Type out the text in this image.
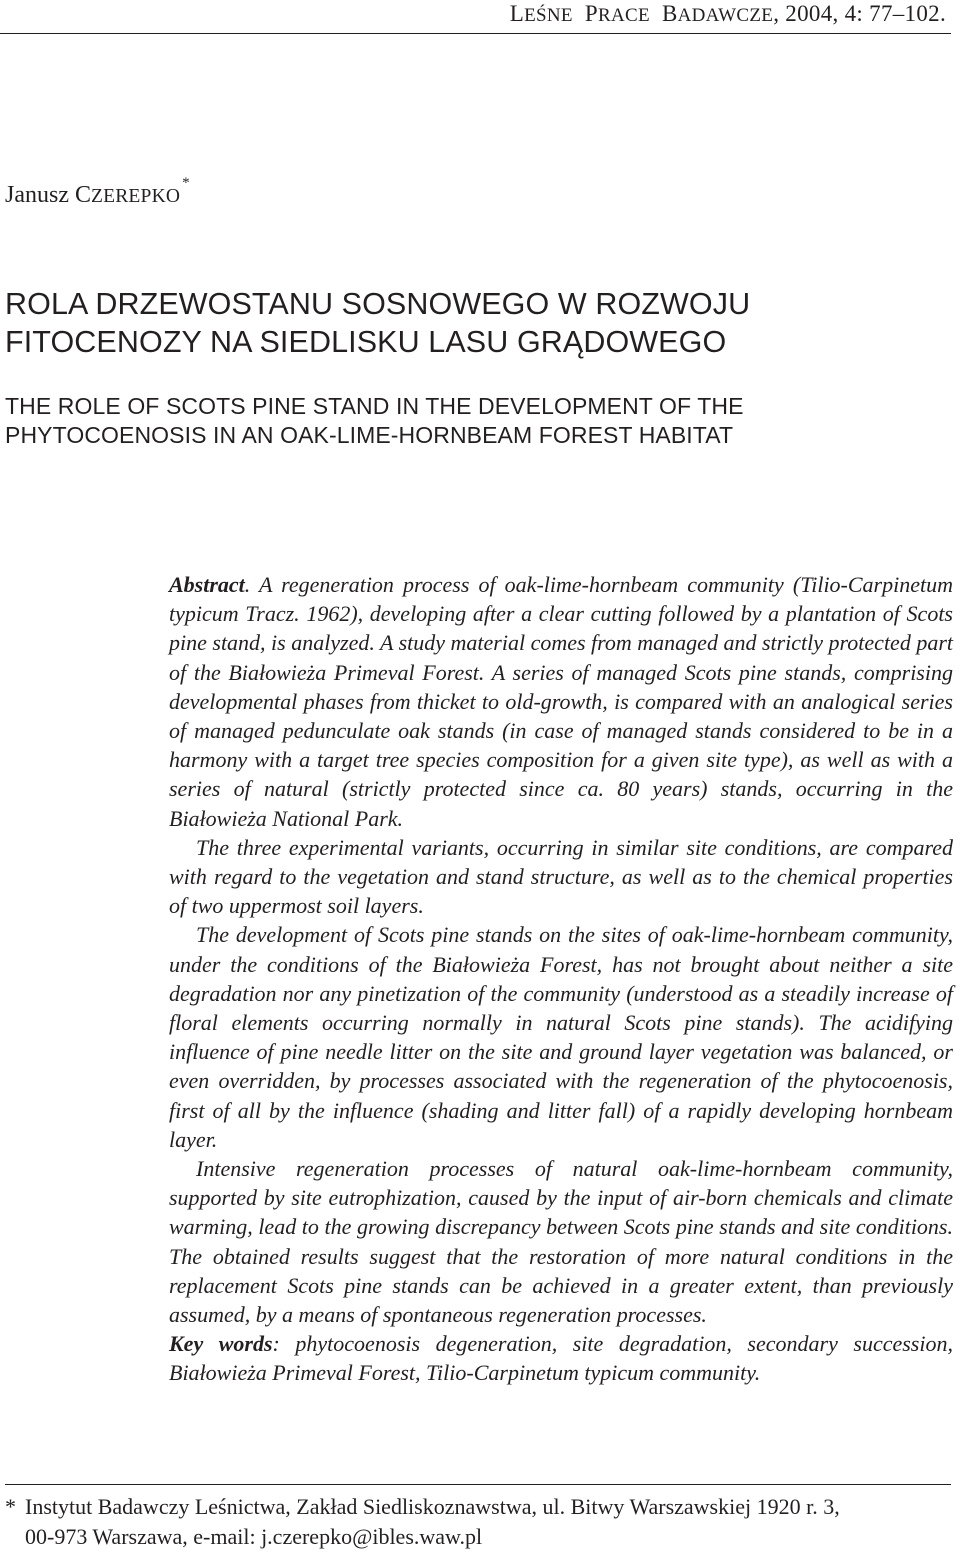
LEŚNE PRACE BADAWCZE, 2004, 4: 77–102.
Janusz CZEREPKO*
ROLA DRZEWOSTANU SOSNOWEGO W ROZWOJU
FITOCENOZY NA SIEDLISKU LASU GRĄDOWEGO
THE ROLE OF SCOTS PINE STAND IN THE DEVELOPMENT OF THE
PHYTOCOENOSIS IN AN OAK-LIME-HORNBEAM FOREST HABITAT

Abstract. A regeneration process of oak-lime-hornbeam community (Tilio-Carpinetum typicum Tracz. 1962), developing after a clear cutting followed by a plantation of Scots pine stand, is analyzed. A study material comes from managed and strictly protected part of the Białowieża Primeval Forest. A series of managed Scots pine stands, comprising developmental phases from thicket to old-growth, is compared with an analogical series of managed pedunculate oak stands (in case of managed stands considered to be in a harmony with a target tree species composition for a given site type), as well as with a series of natural (strictly protected since ca. 80 years) stands, occurring in the Białowieża National Park.

The three experimental variants, occurring in similar site conditions, are compared with regard to the vegetation and stand structure, as well as to the chemical properties of two uppermost soil layers.

The development of Scots pine stands on the sites of oak-lime-hornbeam community, under the conditions of the Białowieża Forest, has not brought about neither a site degradation nor any pinetization of the community (understood as a steadily increase of floral elements occurring normally in natural Scots pine stands). The acidifying influence of pine needle litter on the site and ground layer vegetation was balanced, or even overridden, by processes associated with the regeneration of the phytocoenosis, first of all by the influence (shading and litter fall) of a rapidly developing hornbeam layer.

Intensive regeneration processes of natural oak-lime-hornbeam community, supported by site eutrophization, caused by the input of air-born chemicals and climate warming, lead to the growing discrepancy between Scots pine stands and site conditions. The obtained results suggest that the restoration of more natural conditions in the replacement Scots pine stands can be achieved in a greater extent, than previously assumed, by a means of spontaneous regeneration processes.

Key words: phytocoenosis degeneration, site degradation, secondary succession, Białowieża Primeval Forest, Tilio-Carpinetum typicum community.

* Instytut Badawczy Leśnictwa, Zakład Siedliskoznawstwa, ul. Bitwy Warszawskiej 1920 r. 3,
00-973 Warszawa, e-mail: j.czerepko@ibles.waw.pl
